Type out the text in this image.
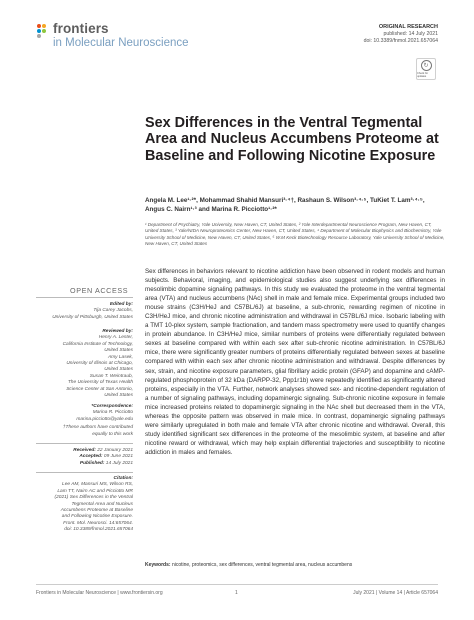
frontiers
in Molecular Neuroscience
ORIGINAL RESEARCH
published: 14 July 2021
doi: 10.3389/fnmol.2021.657064
↻
Check for updates
Sex Differences in the Ventral Tegmental Area and Nucleus Accumbens Proteome at Baseline and Following Nicotine Exposure
Angela M. Lee¹·²*, Mohammad Shahid Mansuri³·⁴†, Rashaun S. Wilson³·⁴·⁵, TuKiet T. Lam³·⁴·⁵, Angus C. Nairn¹·³ and Marina R. Picciotto¹·²*
¹ Department of Psychiatry, Yale University, New Haven, CT, United States, ² Yale Interdepartmental Neuroscience Program, New Haven, CT, United States, ³ Yale/NIDA Neuroproteomics Center, New Haven, CT, United States, ⁴ Department of Molecular Biophysics and Biochemistry, Yale University School of Medicine, New Haven, CT, United States, ⁵ W.M Keck Biotechnology Resource Laboratory, Yale University School of Medicine, New Haven, CT, United States
Sex differences in behaviors relevant to nicotine addiction have been observed in rodent models and human subjects. Behavioral, imaging, and epidemiological studies also suggest underlying sex differences in mesolimbic dopamine signaling pathways. In this study we evaluated the proteome in the ventral tegmental area (VTA) and nucleus accumbens (NAc) shell in male and female mice. Experimental groups included two mouse strains (C3H/HeJ and C57BL/6J) at baseline, a sub-chronic, rewarding regimen of nicotine in C3H/HeJ mice, and chronic nicotine administration and withdrawal in C57BL/6J mice. Isobaric labeling with a TMT 10-plex system, sample fractionation, and tandem mass spectrometry were used to quantify changes in protein abundance. In C3H/HeJ mice, similar numbers of proteins were differentially regulated between sexes at baseline compared with within each sex after sub-chronic nicotine administration. In C57BL/6J mice, there were significantly greater numbers of proteins differentially regulated between sexes at baseline compared with within each sex after chronic nicotine administration and withdrawal. Despite differences by sex, strain, and nicotine exposure parameters, glial fibrillary acidic protein (GFAP) and dopamine and cAMP-regulated phosphoprotein of 32 kDa (DARPP-32, Ppp1r1b) were repeatedly identified as significantly altered proteins, especially in the VTA. Further, network analyses showed sex- and nicotine-dependent regulation of a number of signaling pathways, including dopaminergic signaling. Sub-chronic nicotine exposure in female mice increased proteins related to dopaminergic signaling in the NAc shell but decreased them in the VTA, whereas the opposite pattern was observed in male mice. In contrast, dopaminergic signaling pathways were similarly upregulated in both male and female VTA after chronic nicotine and withdrawal. Overall, this study identified significant sex differences in the proteome of the mesolimbic system, at baseline and after nicotine reward or withdrawal, which may help explain differential trajectories and susceptibility to nicotine addiction in males and females.
Keywords: nicotine, proteomics, sex differences, ventral tegmental area, nucleus accumbens
OPEN ACCESS
Edited by:
Tija Carey Jacobs,
University of Pittsburgh, United States
Reviewed by:
Henry A. Lester,
California Institute of Technology,
United States
Amy Lasek,
University of Illinois at Chicago,
United States
Susan T. Weintraub,
The University of Texas Health
Science Center at San Antonio,
United States
*Correspondence:
Marina R. Picciotto
marina.picciotto@yale.edu
†These authors have contributed
equally to this work
Received: 22 January 2021
Accepted: 09 June 2021
Published: 14 July 2021
Citation:
Lee AM, Mansuri MS, Wilson RS,
Lam TT, Nairn AC and Picciotto MR
(2021) Sex Differences in the Ventral
Tegmental Area and Nucleus
Accumbens Proteome at Baseline
and Following Nicotine Exposure.
Front. Mol. Neurosci. 14:657064.
doi: 10.3389/fnmol.2021.657064
Frontiers in Molecular Neuroscience | www.frontiersin.org	1	July 2021 | Volume 14 | Article 657064
